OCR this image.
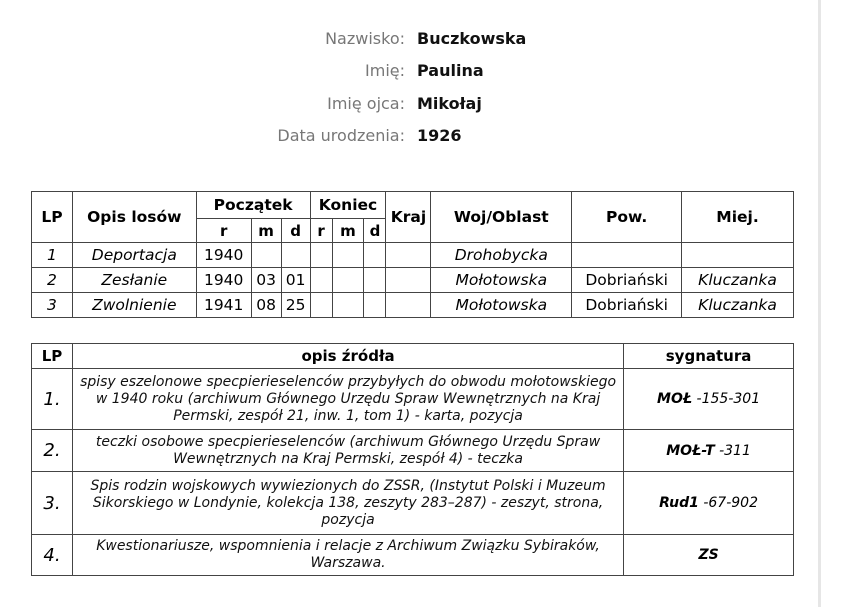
Nazwisko: Buczkowska
Imię: Paulina
Imię ojca: Mikołaj
Data urodzenia: 1926
LP	Opis losów	Początek			Koniec			Kraj	Woj/Oblast	Pow.	Miej.
		r	m	d	r	m	d				
1	Deportacja	1940							Drohobycka		
2	Zesłanie	1940	03	01					Mołotowska	Dobriański	Kluczanka
3	Zwolnienie	1941	08	25					Mołotowska	Dobriański	Kluczanka
LP	opis źródła	sygnatura
1.	spisy eszelonowe specpierieselenców przybyłych do obwodu mołotowskiego w 1940 roku (archiwum Głównego Urzędu Spraw Wewnętrznych na Kraj Permski, zespół 21, inw. 1, tom 1) - karta, pozycja	MOŁ -155-301
2.	teczki osobowe specpierieselenców (archiwum Głównego Urzędu Spraw Wewnętrznych na Kraj Permski, zespół 4) - teczka	MOŁ-T -311
3.	Spis rodzin wojskowych wywiezionych do ZSSR, (Instytut Polski i Muzeum Sikorskiego w Londynie, kolekcja 138, zeszyty 283–287) - zeszyt, strona, pozycja	Rud1 -67-902
4.	Kwestionariusze, wspomnienia i relacje z Archiwum Związku Sybiraków, Warszawa.	ZS
